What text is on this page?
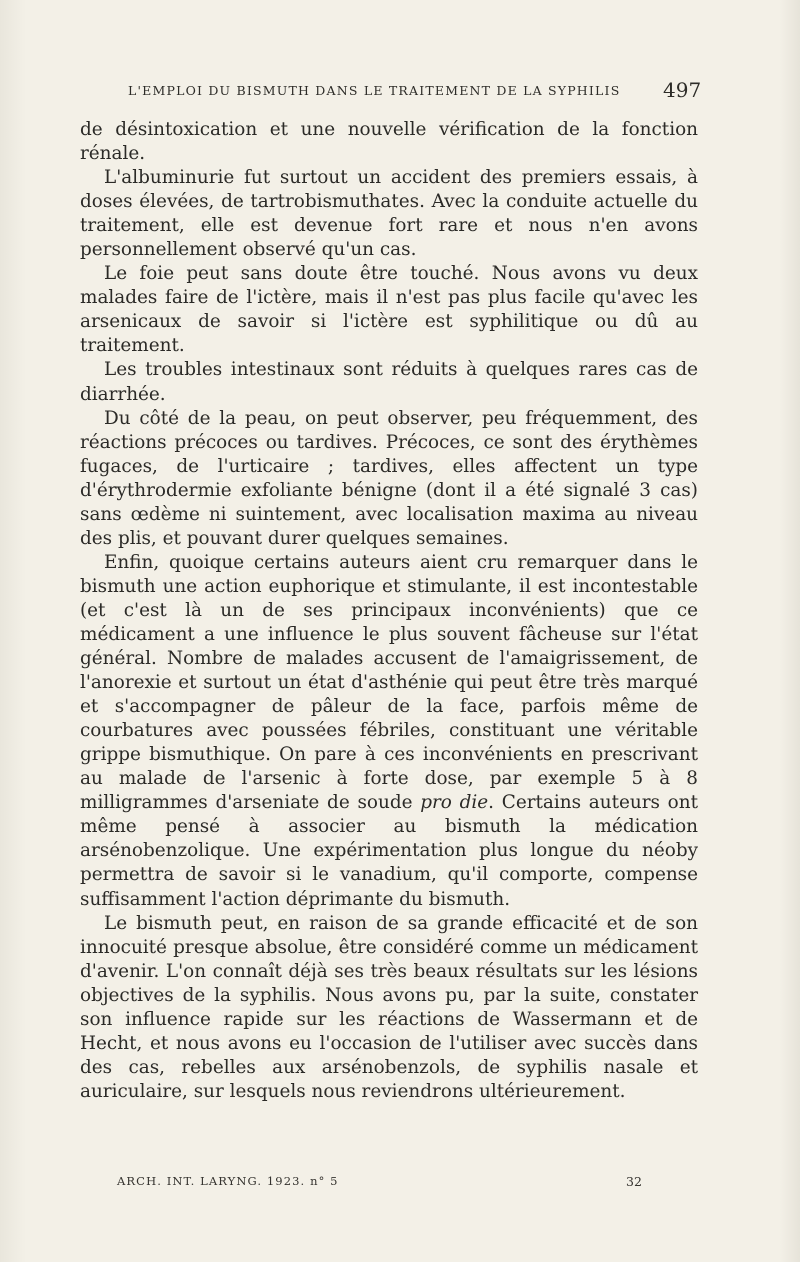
L'EMPLOI DU BISMUTH DANS LE TRAITEMENT DE LA SYPHILIS 497

de désintoxication et une nouvelle vérification de la fonction rénale.

L'albuminurie fut surtout un accident des premiers essais, à doses élevées, de tartrobismuthates. Avec la conduite actuelle du traitement, elle est devenue fort rare et nous n'en avons personnellement observé qu'un cas.

Le foie peut sans doute être touché. Nous avons vu deux malades faire de l'ictère, mais il n'est pas plus facile qu'avec les arsenicaux de savoir si l'ictère est syphilitique ou dû au traitement.

Les troubles intestinaux sont réduits à quelques rares cas de diarrhée.

Du côté de la peau, on peut observer, peu fréquemment, des réactions précoces ou tardives. Précoces, ce sont des érythèmes fugaces, de l'urticaire ; tardives, elles affectent un type d'érythrodermie exfoliante bénigne (dont il a été signalé 3 cas) sans œdème ni suintement, avec localisation maxima au niveau des plis, et pouvant durer quelques semaines.

Enfin, quoique certains auteurs aient cru remarquer dans le bismuth une action euphorique et stimulante, il est incontestable (et c'est là un de ses principaux inconvénients) que ce médicament a une influence le plus souvent fâcheuse sur l'état général. Nombre de malades accusent de l'amaigrissement, de l'anorexie et surtout un état d'asthénie qui peut être très marqué et s'accompagner de pâleur de la face, parfois même de courbatures avec poussées fébriles, constituant une véritable grippe bismuthique. On pare à ces inconvénients en prescrivant au malade de l'arsenic à forte dose, par exemple 5 à 8 milligrammes d'arseniate de soude pro die. Certains auteurs ont même pensé à associer au bismuth la médication arsénobenzolique. Une expérimentation plus longue du néoby permettra de savoir si le vanadium, qu'il comporte, compense suffisamment l'action déprimante du bismuth.

Le bismuth peut, en raison de sa grande efficacité et de son innocuité presque absolue, être considéré comme un médicament d'avenir. L'on connaît déjà ses très beaux résultats sur les lésions objectives de la syphilis. Nous avons pu, par la suite, constater son influence rapide sur les réactions de Wassermann et de Hecht, et nous avons eu l'occasion de l'utiliser avec succès dans des cas, rebelles aux arsénobenzols, de syphilis nasale et auriculaire, sur lesquels nous reviendrons ultérieurement.

ARCH. INT. LARYNG. 1923. n° 5	32
